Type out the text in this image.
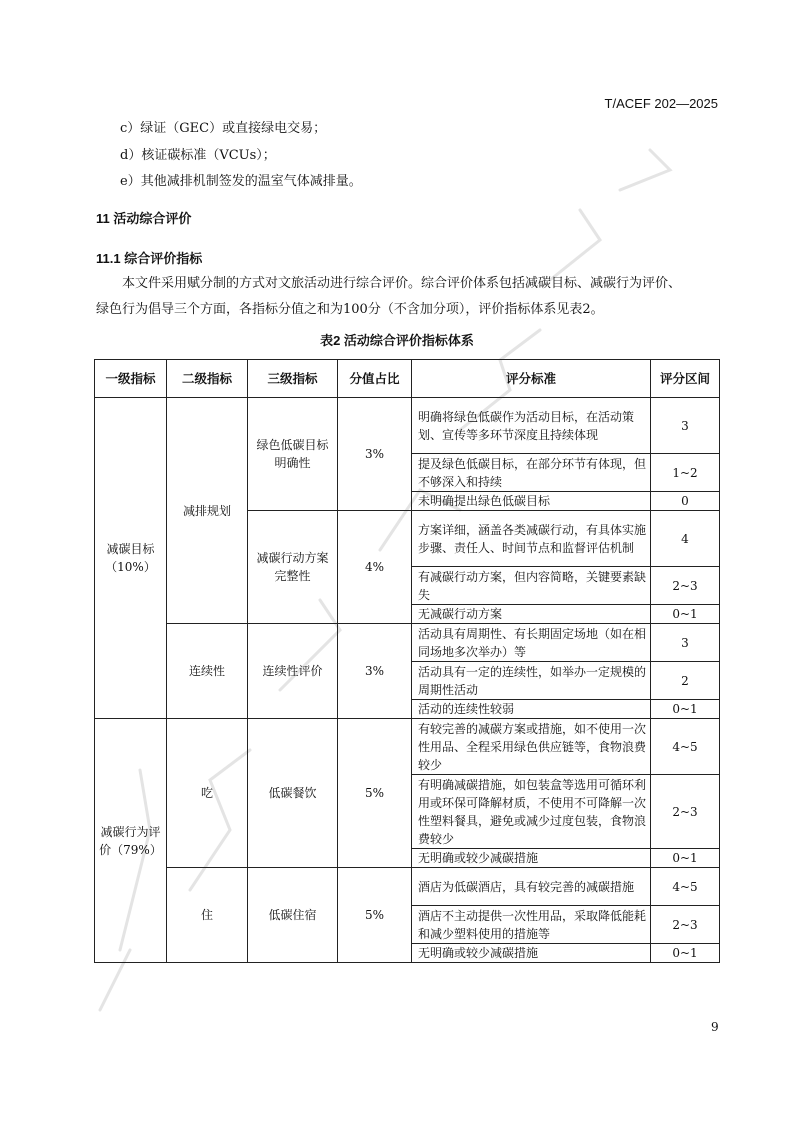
T/ACEF 202—2025
c）绿证（GEC）或直接绿电交易；
d）核证碳标准（VCUs）；
e）其他减排机制签发的温室气体减排量。
11 活动综合评价
11.1 综合评价指标
本文件采用赋分制的方式对文旅活动进行综合评价。综合评价体系包括减碳目标、减碳行为评价、
绿色行为倡导三个方面，各指标分值之和为100分（不含加分项），评价指标体系见表2。
表2 活动综合评价指标体系
一级指标	二级指标	三级指标	分值占比	评分标准	评分区间
减碳目标（10%）	减排规划	绿色低碳目标明确性	3%	明确将绿色低碳作为活动目标，在活动策划、宣传等多环节深度且持续体现	3
				提及绿色低碳目标，在部分环节有体现，但不够深入和持续	1~2
				未明确提出绿色低碳目标	0
		减碳行动方案完整性	4%	方案详细，涵盖各类减碳行动，有具体实施步骤、责任人、时间节点和监督评估机制	4
				有减碳行动方案，但内容简略，关键要素缺失	2~3
				无减碳行动方案	0~1
	连续性	连续性评价	3%	活动具有周期性、有长期固定场地（如在相同场地多次举办）等	3
				活动具有一定的连续性，如举办一定规模的周期性活动	2
				活动的连续性较弱	0~1
减碳行为评价（79%）	吃	低碳餐饮	5%	有较完善的减碳方案或措施，如不使用一次性用品、全程采用绿色供应链等，食物浪费较少	4~5
				有明确减碳措施，如包装盒等选用可循环利用或环保可降解材质，不使用不可降解一次性塑料餐具，避免或减少过度包装，食物浪费较少	2~3
				无明确或较少减碳措施	0~1
	住	低碳住宿	5%	酒店为低碳酒店，具有较完善的减碳措施	4~5
				酒店不主动提供一次性用品，采取降低能耗和减少塑料使用的措施等	2~3
				无明确或较少减碳措施	0~1
9
